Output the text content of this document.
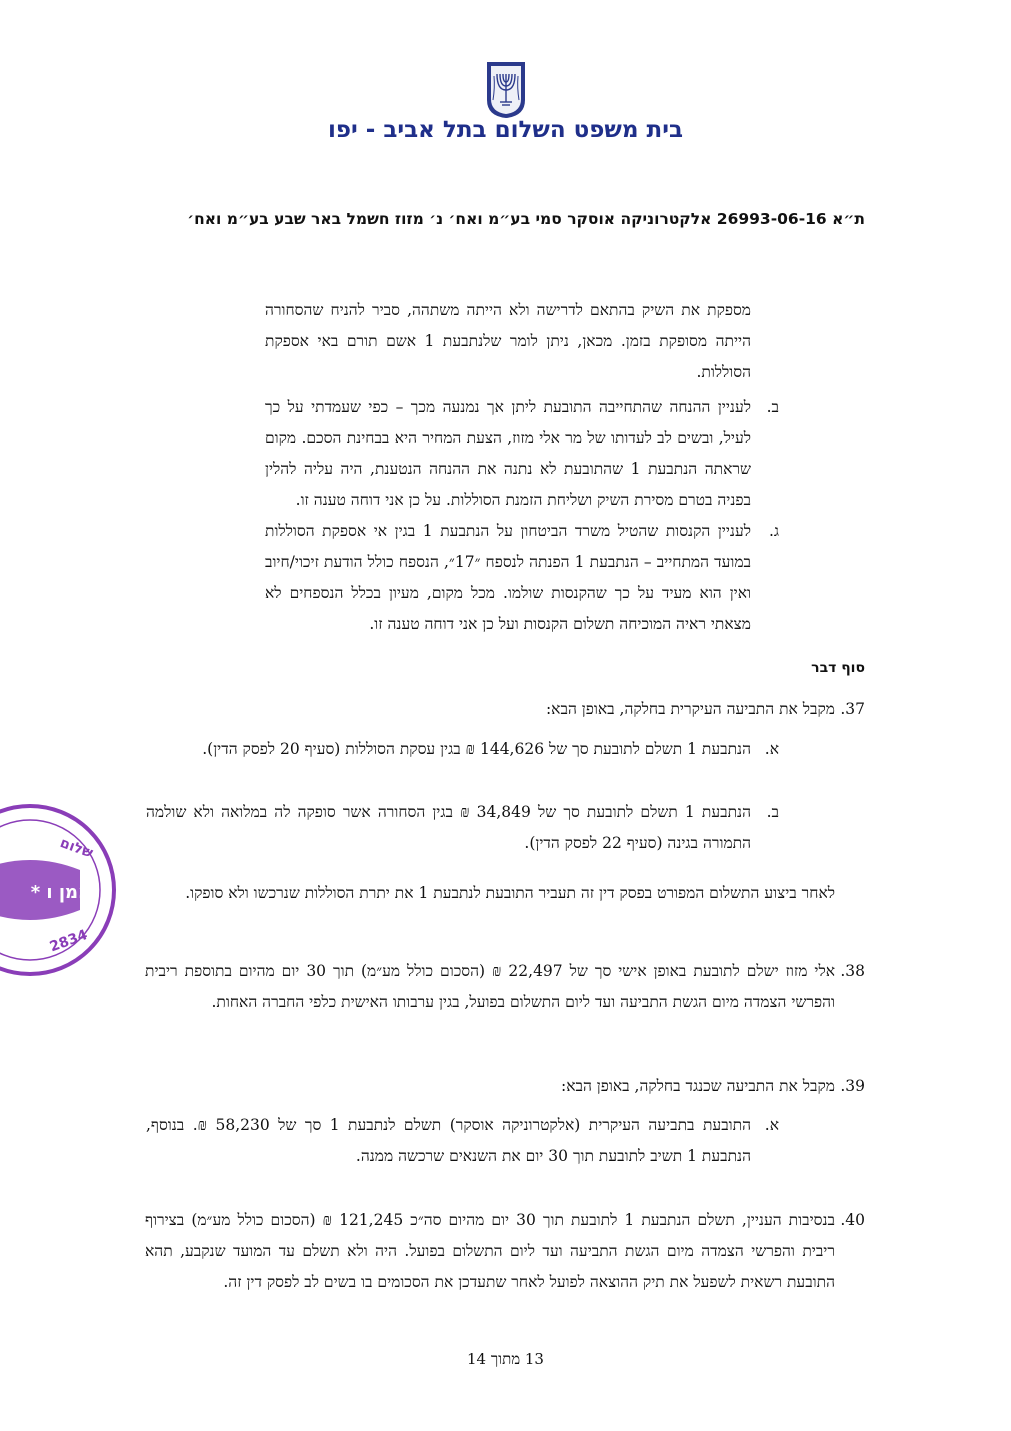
בית משפט השלום בתל אביב - יפו
ת״א 26993-06-16 אלקטרוניקה אוסקר סמי בע״מ ואח׳ נ׳ מזוז חשמל באר שבע בע״מ ואח׳
מספקת את השיק בהתאם לדרישה ולא הייתה משתהה, סביר להניח שהסחורה הייתה מסופקת בזמן. מכאן, ניתן לומר שלנתבעת 1 אשם תורם באי אספקת הסוללות.
ב.
לעניין ההנחה שהתחייבה התובעת ליתן אך נמנעה מכך – כפי שעמדתי על כך לעיל, ובשים לב לעדותו של מר אלי מזוז, הצעת המחיר היא בבחינת הסכם. מקום שראתה הנתבעת 1 שהתובעת לא נתנה את ההנחה הנטענת, היה עליה להלין בפניה בטרם מסירת השיק ושליחת הזמנת הסוללות. על כן אני דוחה טענה זו.
ג.
לעניין הקנסות שהטיל משרד הביטחון על הנתבעת 1 בגין אי אספקת הסוללות במועד המתחייב – הנתבעת 1 הפנתה לנספח ״17״, הנספח כולל הודעת זיכוי/חיוב ואין הוא מעיד על כך שהקנסות שולמו. מכל מקום, מעיון בכלל הנספחים לא מצאתי ראיה המוכיחה תשלום הקנסות ועל כן אני דוחה טענה זו.
סוף דבר
37.
מקבל את התביעה העיקרית בחלקה, באופן הבא:
א.
הנתבעת 1 תשלם לתובעת סך של 144,626 ₪ בגין עסקת הסוללות (סעיף 20 לפסק הדין).
ב.
הנתבעת 1 תשלם לתובעת סך של 34,849 ₪ בגין הסחורה אשר סופקה לה במלואה ולא שולמה התמורה בגינה (סעיף 22 לפסק הדין).
לאחר ביצוע התשלום המפורט בפסק דין זה תעביר התובעת לנתבעת 1 את יתרת הסוללות שנרכשו ולא סופקו.
38.
אלי מזוז ישלם לתובעת באופן אישי סך של 22,497 ₪ (הסכום כולל מע״מ) תוך 30 יום מהיום בתוספת ריבית והפרשי הצמדה מיום הגשת התביעה ועד ליום התשלום בפועל, בגין ערבותו האישית כלפי החברה האחות.
39.
מקבל את התביעה שכנגד בחלקה, באופן הבא:
א.
התובעת בתביעה העיקרית (אלקטרוניקה אוסקר) תשלם לנתבעת 1 סך של 58,230 ₪. בנוסף, הנתבעת 1 תשיב לתובעת תוך 30 יום את השנאים שרכשה ממנה.
40.
בנסיבות העניין, תשלם הנתבעת 1 לתובעת תוך 30 יום מהיום סה״כ 121,245 ₪ (הסכום כולל מע״מ) בצירוף ריבית והפרשי הצמדה מיום הגשת התביעה ועד ליום התשלום בפועל. היה ולא תשלם עד המועד שנקבע, תהא התובעת רשאית לשפעל את תיק ההוצאה לפועל לאחר שתעדכן את הסכומים בו בשים לב לפסק דין זה.
13 מתוך 14
שלום
* נאמן ו
2834
